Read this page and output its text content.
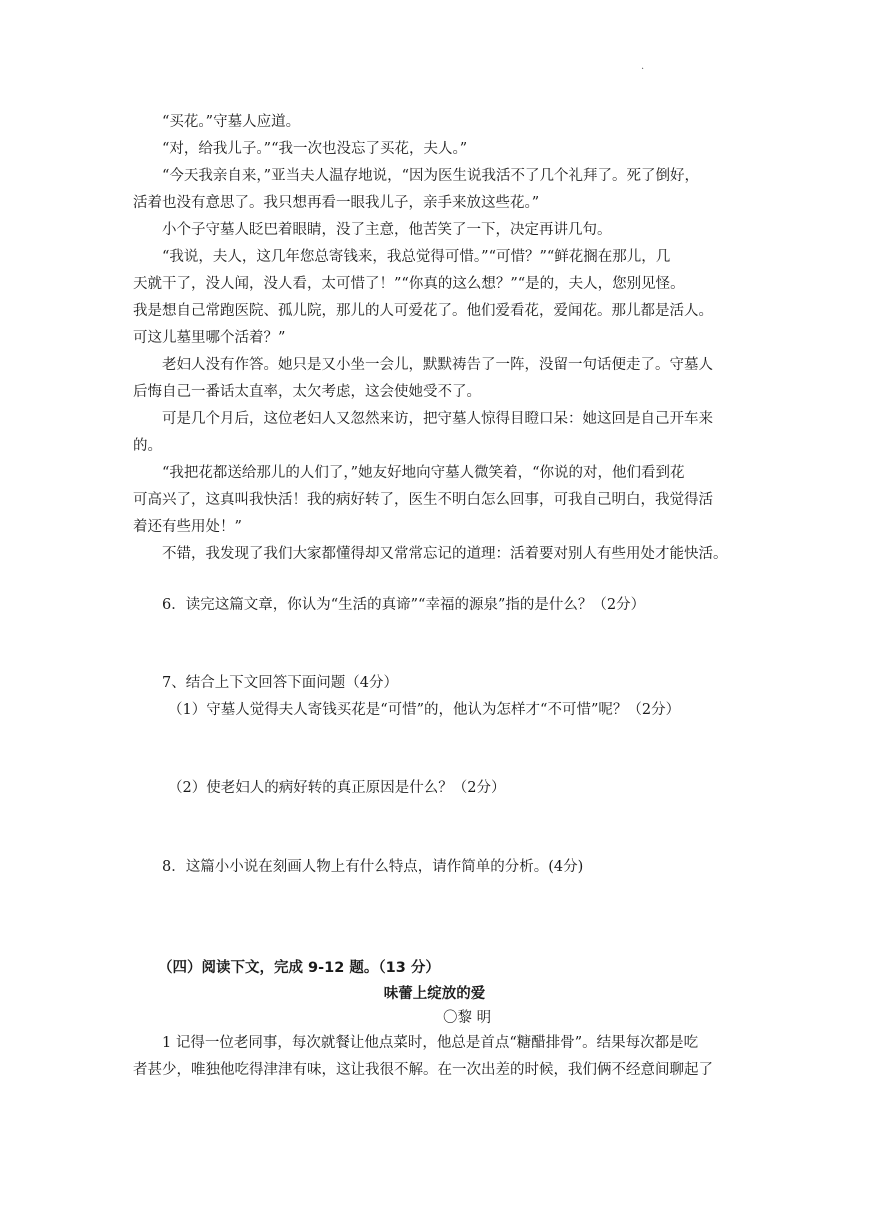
·
“买花。”守墓人应道。
“对，给我儿子。”“我一次也没忘了买花，夫人。”
“今天我亲自来，”亚当夫人温存地说，“因为医生说我活不了几个礼拜了。死了倒好，
活着也没有意思了。我只想再看一眼我儿子，亲手来放这些花。”
小个子守墓人眨巴着眼睛，没了主意，他苦笑了一下，决定再讲几句。
“我说，夫人，这几年您总寄钱来，我总觉得可惜。”“可惜？”“鲜花搁在那儿，几
天就干了，没人闻，没人看，太可惜了！”“你真的这么想？”“是的，夫人，您别见怪。
我是想自己常跑医院、孤儿院，那儿的人可爱花了。他们爱看花，爱闻花。那儿都是活人。
可这儿墓里哪个活着？”
老妇人没有作答。她只是又小坐一会儿，默默祷告了一阵，没留一句话便走了。守墓人
后悔自己一番话太直率，太欠考虑，这会使她受不了。
可是几个月后，这位老妇人又忽然来访，把守墓人惊得目瞪口呆：她这回是自己开车来
的。
“我把花都送给那儿的人们了，”她友好地向守墓人微笑着，“你说的对，他们看到花
可高兴了，这真叫我快活！我的病好转了，医生不明白怎么回事，可我自己明白，我觉得活
着还有些用处！”
不错，我发现了我们大家都懂得却又常常忘记的道理：活着要对别人有些用处才能快活。
6．读完这篇文章，你认为“生活的真谛”“幸福的源泉”指的是什么？（2分）
7、结合上下文回答下面问题（4分）
（1）守墓人觉得夫人寄钱买花是“可惜”的，他认为怎样才“不可惜”呢？（2分）
（2）使老妇人的病好转的真正原因是什么？（2分）
8．这篇小小说在刻画人物上有什么特点，请作简单的分析。(4分)
（四）阅读下文，完成 9-12 题。（13 分）
味蕾上绽放的爱
〇黎 明
1 记得一位老同事，每次就餐让他点菜时，他总是首点“糖醋排骨”。结果每次都是吃
者甚少，唯独他吃得津津有味，这让我很不解。在一次出差的时候，我们俩不经意间聊起了
